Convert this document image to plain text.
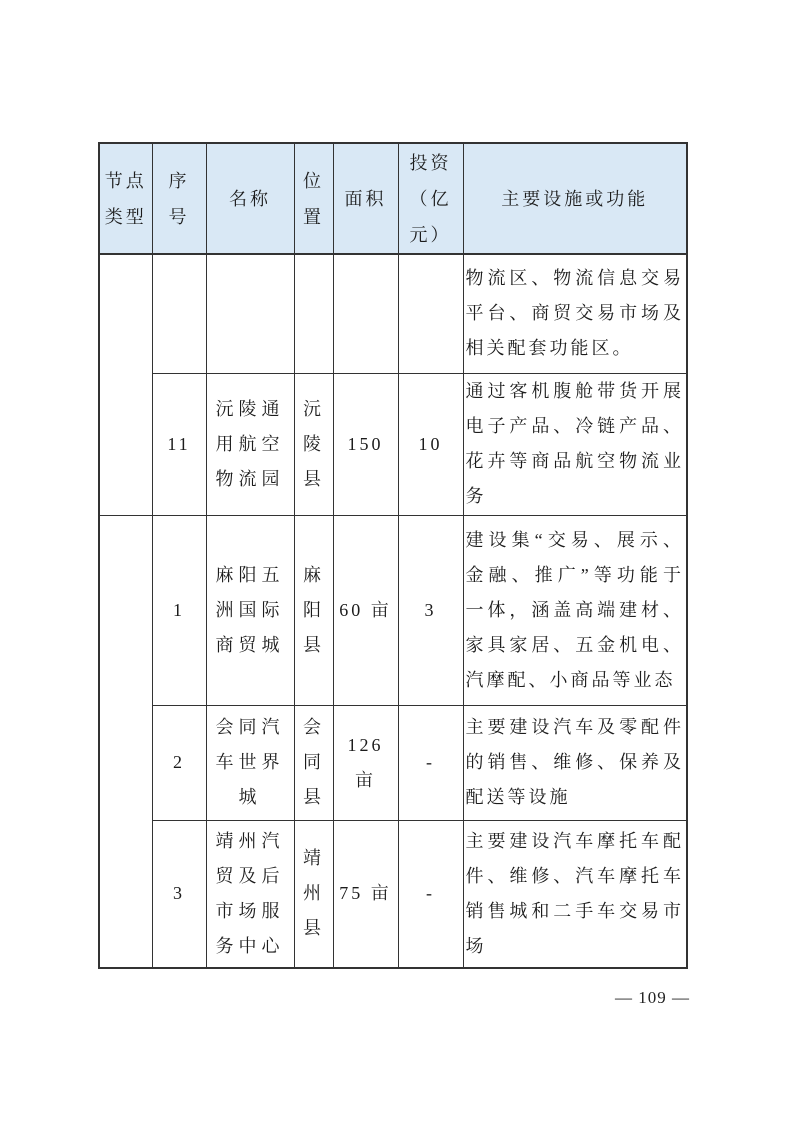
节点类型	序号	名称	位置	面积	投资（亿元）	主要设施或功能

						物流区、物流信息交易平台、商贸交易市场及相关配套功能区。
	11	沅陵通用航空物流园	沅陵县	150	10	通过客机腹舱带货开展电子产品、冷链产品、花卉等商品航空物流业务
	1	麻阳五洲国际商贸城	麻阳县	60 亩	3	建设集“交易、展示、金融、推广”等功能于一体，涵盖高端建材、家具家居、五金机电、汽摩配、小商品等业态
	2	会同汽车世界城	会同县	126 亩	-	主要建设汽车及零配件的销售、维修、保养及配送等设施
	3	靖州汽贸及后市场服务中心	靖州县	75 亩	-	主要建设汽车摩托车配件、维修、汽车摩托车销售城和二手车交易市场
— 109 —
